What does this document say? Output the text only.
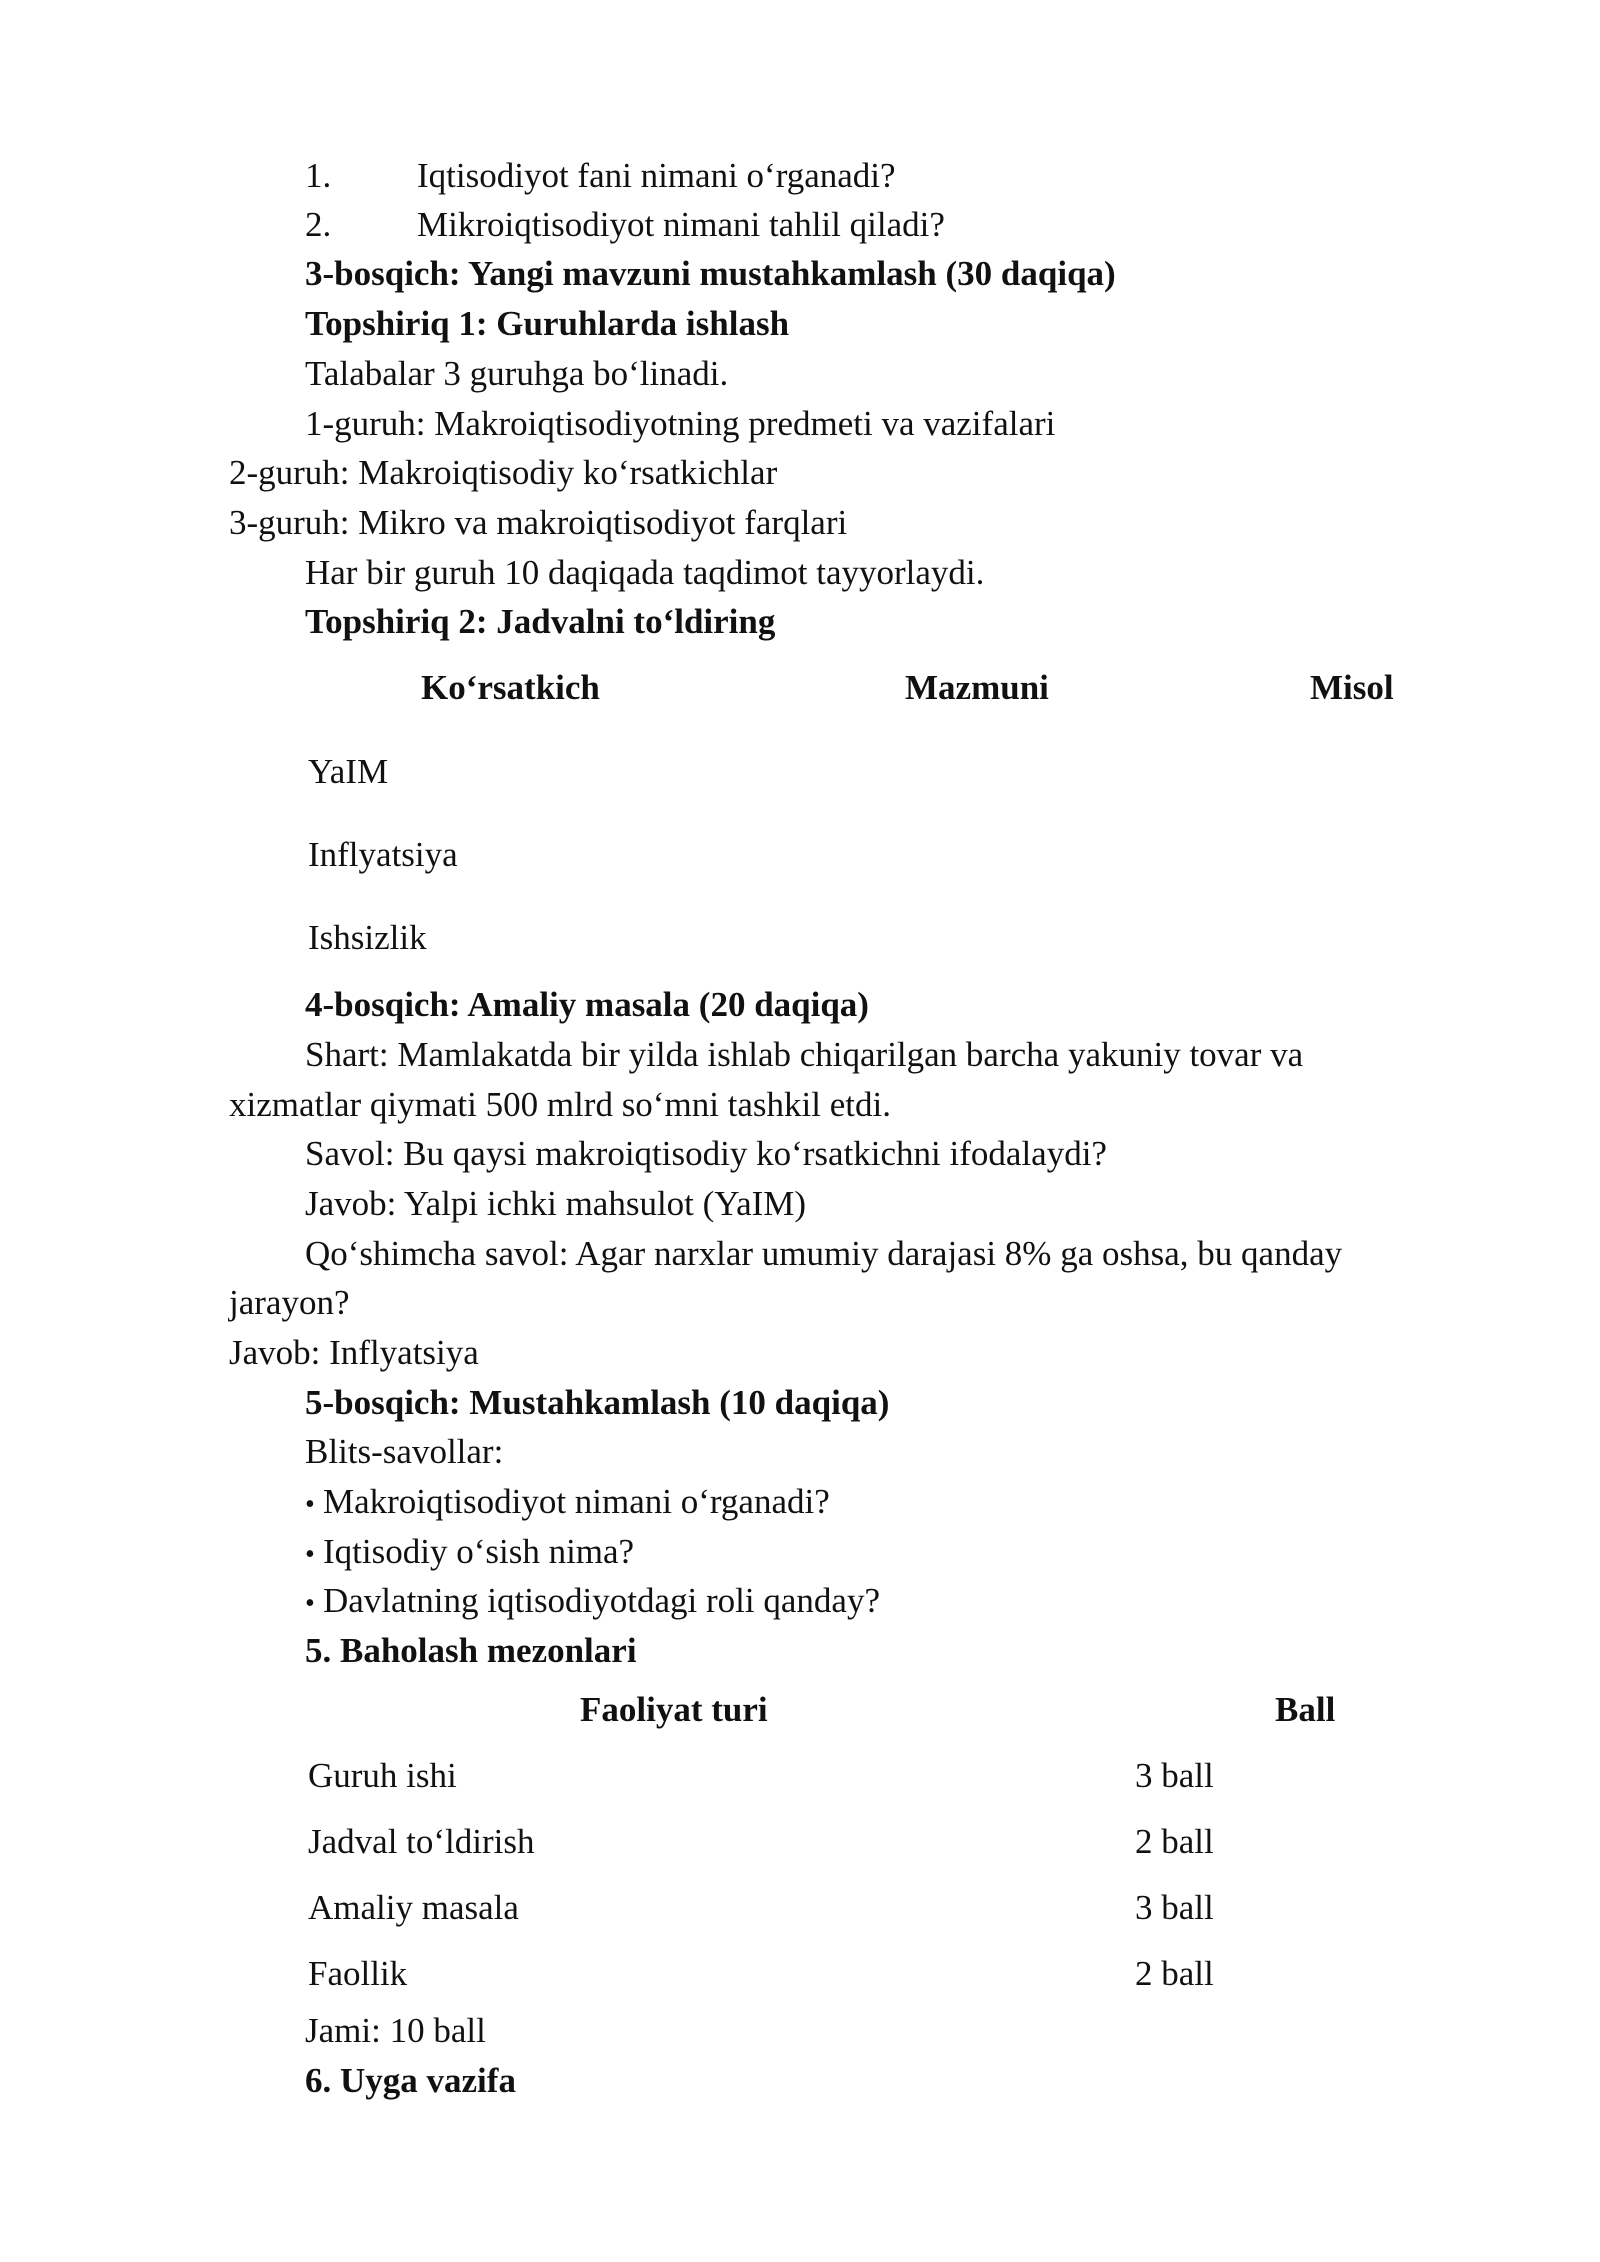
1. Iqtisodiyot fani nimani o‘rganadi?
2. Mikroiqtisodiyot nimani tahlil qiladi?
3-bosqich: Yangi mavzuni mustahkamlash (30 daqiqa)
Topshiriq 1: Guruhlarda ishlash
Talabalar 3 guruhga bo‘linadi.
1-guruh: Makroiqtisodiyotning predmeti va vazifalari
2-guruh: Makroiqtisodiy ko‘rsatkichlar
3-guruh: Mikro va makroiqtisodiyot farqlari
Har bir guruh 10 daqiqada taqdimot tayyorlaydi.
Topshiriq 2: Jadvalni to‘ldiring
Ko‘rsatkich	Mazmuni	Misol
YaIM
Inflyatsiya
Ishsizlik
4-bosqich: Amaliy masala (20 daqiqa)
Shart: Mamlakatda bir yilda ishlab chiqarilgan barcha yakuniy tovar va
xizmatlar qiymati 500 mlrd so‘mni tashkil etdi.
Savol: Bu qaysi makroiqtisodiy ko‘rsatkichni ifodalaydi?
Javob: Yalpi ichki mahsulot (YaIM)
Qo‘shimcha savol: Agar narxlar umumiy darajasi 8% ga oshsa, bu qanday
jarayon?
Javob: Inflyatsiya
5-bosqich: Mustahkamlash (10 daqiqa)
Blits-savollar:
• Makroiqtisodiyot nimani o‘rganadi?
• Iqtisodiy o‘sish nima?
• Davlatning iqtisodiyotdagi roli qanday?
5. Baholash mezonlari
Faoliyat turi	Ball
Guruh ishi	3 ball
Jadval to‘ldirish	2 ball
Amaliy masala	3 ball
Faollik	2 ball
Jami: 10 ball
6. Uyga vazifa
